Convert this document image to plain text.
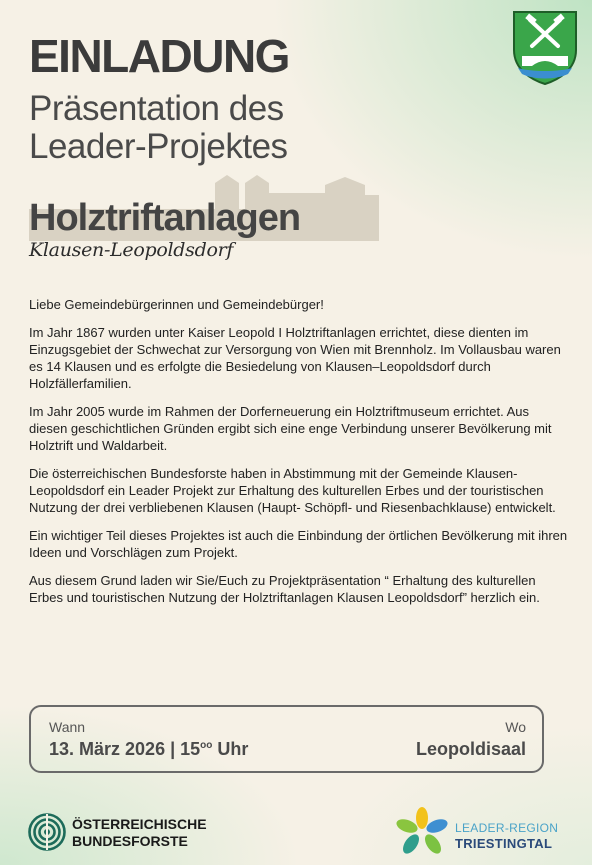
EINLADUNG
Präsentation des
Leader-Projektes
Holztriftanlagen
Klausen-Leopoldsdorf

Liebe Gemeindebürgerinnen und Gemeindebürger!

Im Jahr 1867 wurden unter Kaiser Leopold I Holztriftanlagen errichtet, diese dienten im Einzugsgebiet der Schwechat zur Versorgung von Wien mit Brennholz. Im Vollausbau waren es 14 Klausen und es erfolgte die Besiedelung von Klausen–Leopoldsdorf durch Holzfällerfamilien.

Im Jahr 2005 wurde im Rahmen der Dorferneuerung ein Holztriftmuseum errichtet. Aus diesen geschichtlichen Gründen ergibt sich eine enge Verbindung unserer Bevölkerung mit Holztrift und Waldarbeit.

Die österreichischen Bundesforste haben in Abstimmung mit der Gemeinde Klausen-Leopoldsdorf ein Leader Projekt zur Erhaltung des kulturellen Erbes und der touristischen Nutzung der drei verbliebenen Klausen (Haupt- Schöpfl- und Riesenbachklause) entwickelt.

Ein wichtiger Teil dieses Projektes ist auch die Einbindung der örtlichen Bevölkerung mit ihren Ideen und Vorschlägen zum Projekt.

Aus diesem Grund laden wir Sie/Euch zu Projektpräsentation “ Erhaltung des kulturellen Erbes und touristischen Nutzung der Holztriftanlagen Klausen Leopoldsdorf” herzlich ein.

Wann
13. März 2026 | $15^{oo}$ Uhr
Wo
Leopoldisaal
ÖSTERREICHISCHE
BUNDESFORSTE
LEADER-REGION
TRIESTINGTAL
